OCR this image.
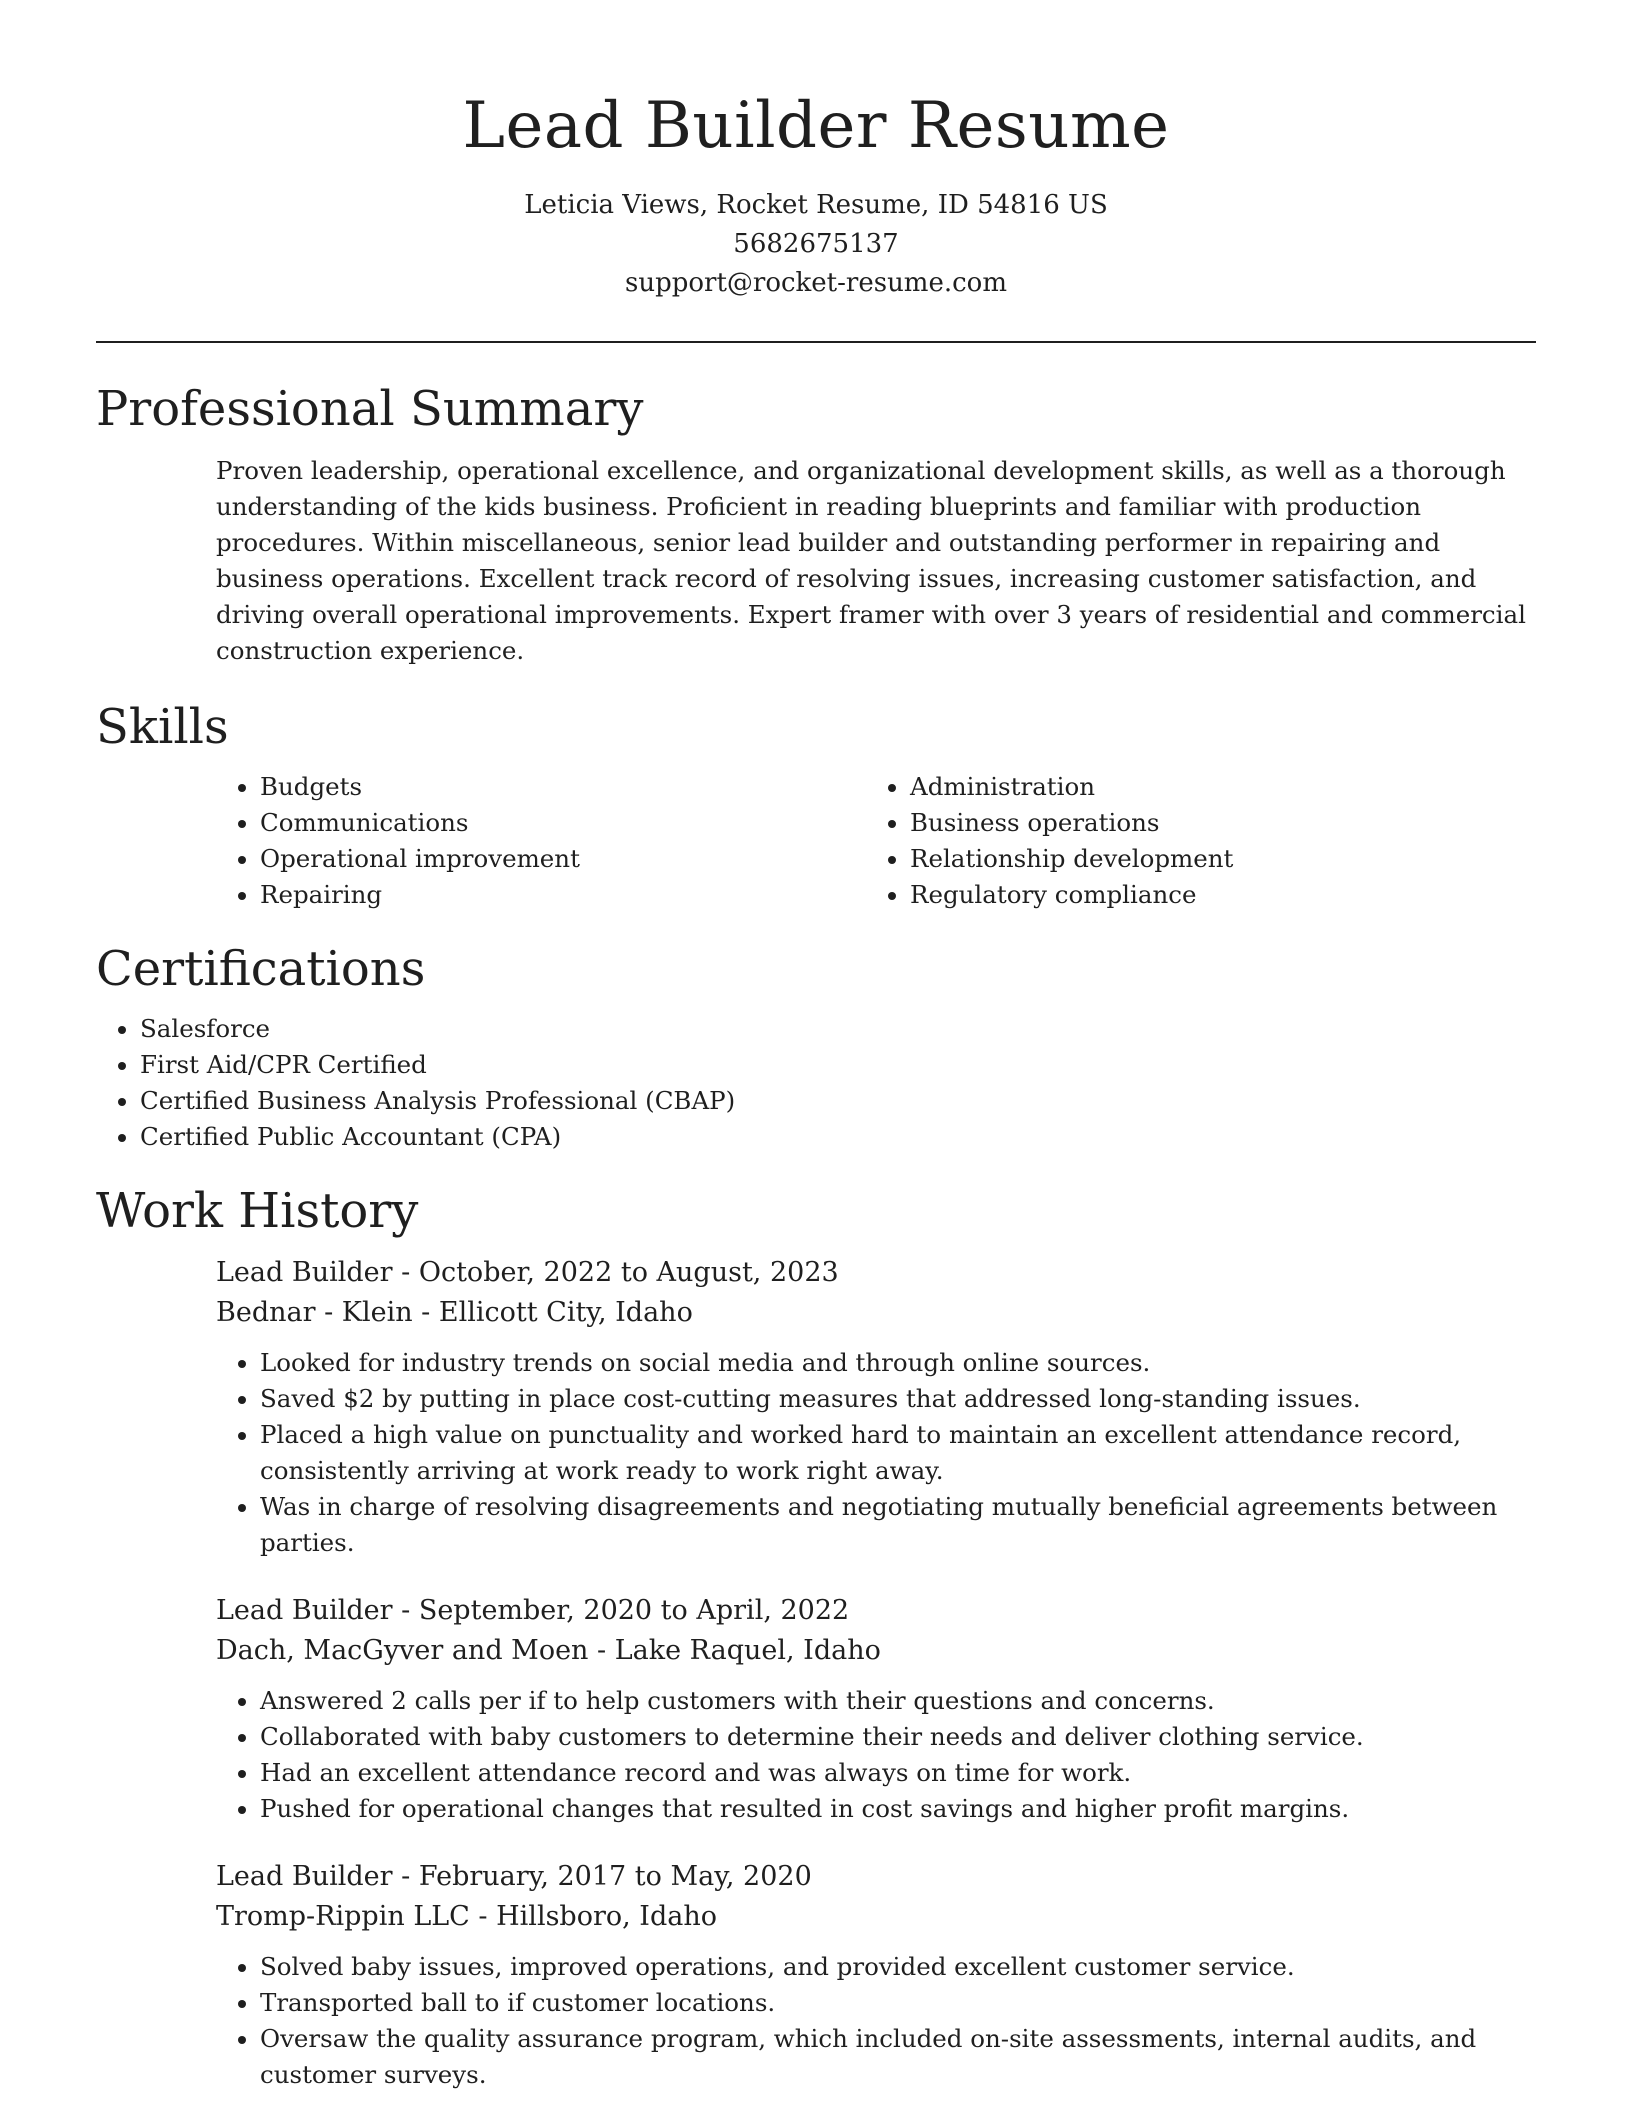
Lead Builder Resume
Leticia Views, Rocket Resume, ID 54816 US
5682675137
support@rocket-resume.com
Professional Summary
Proven leadership, operational excellence, and organizational development skills, as well as a thorough understanding of the kids business. Proficient in reading blueprints and familiar with production procedures. Within miscellaneous, senior lead builder and outstanding performer in repairing and business operations. Excellent track record of resolving issues, increasing customer satisfaction, and driving overall operational improvements. Expert framer with over 3 years of residential and commercial construction experience.
Skills
• Budgets
• Communications
• Operational improvement
• Repairing
• Administration
• Business operations
• Relationship development
• Regulatory compliance
Certifications
• Salesforce
• First Aid/CPR Certified
• Certified Business Analysis Professional (CBAP)
• Certified Public Accountant (CPA)
Work History
Lead Builder - October, 2022 to August, 2023
Bednar - Klein - Ellicott City, Idaho
• Looked for industry trends on social media and through online sources.
• Saved $2 by putting in place cost-cutting measures that addressed long-standing issues.
• Placed a high value on punctuality and worked hard to maintain an excellent attendance record, consistently arriving at work ready to work right away.
• Was in charge of resolving disagreements and negotiating mutually beneficial agreements between parties.
Lead Builder - September, 2020 to April, 2022
Dach, MacGyver and Moen - Lake Raquel, Idaho
• Answered 2 calls per if to help customers with their questions and concerns.
• Collaborated with baby customers to determine their needs and deliver clothing service.
• Had an excellent attendance record and was always on time for work.
• Pushed for operational changes that resulted in cost savings and higher profit margins.
Lead Builder - February, 2017 to May, 2020
Tromp-Rippin LLC - Hillsboro, Idaho
• Solved baby issues, improved operations, and provided excellent customer service.
• Transported ball to if customer locations.
• Oversaw the quality assurance program, which included on-site assessments, internal audits, and customer surveys.
